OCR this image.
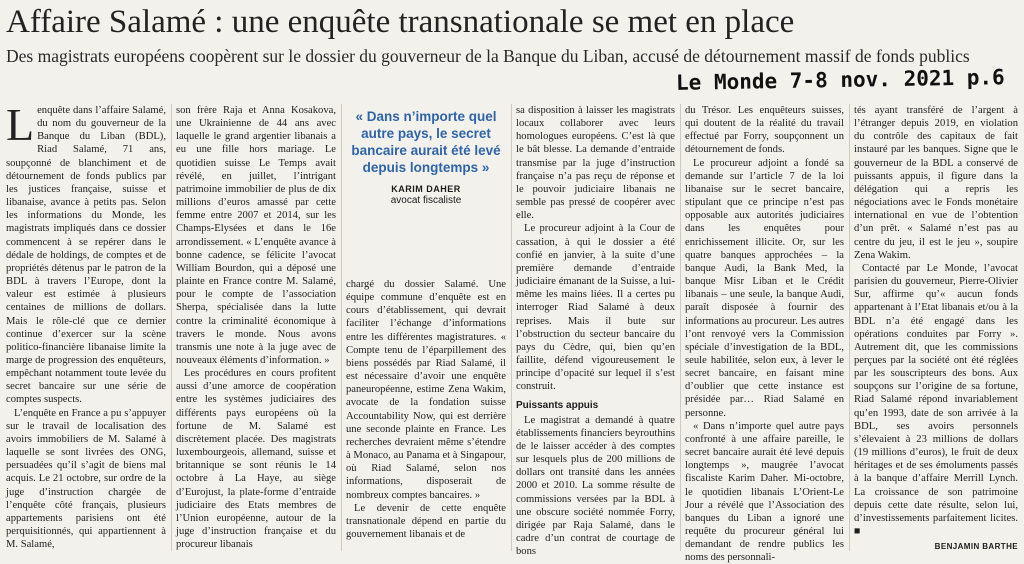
Affaire Salamé : une enquête transnationale se met en place
Des magistrats européens coopèrent sur le dossier du gouverneur de la Banque du Liban, accusé de détournement massif de fonds publics
Le Monde 7-8 nov. 2021 p.6

Lenquête dans l’affaire Salamé, du nom du gouverneur de la Banque du Liban (BDL), Riad Salamé, 71 ans, soupçonné de blanchiment et de détournement de fonds publics par les justices française, suisse et libanaise, avance à petits pas. Selon les informations du Monde, les magistrats impliqués dans ce dossier commencent à se repérer dans le dédale de holdings, de comptes et de propriétés détenus par le patron de la BDL à travers l’Europe, dont la valeur est estimée à plusieurs centaines de millions de dollars. Mais le rôle-clé que ce dernier continue d’exercer sur la scène politico-financière libanaise limite la marge de progression des enquêteurs, empêchant notamment toute levée du secret bancaire sur une série de comptes suspects.

L’enquête en France a pu s’appuyer sur le travail de localisation des avoirs immobiliers de M. Salamé à laquelle se sont livrées des ONG, persuadées qu’il s’agit de biens mal acquis. Le 21 octobre, sur ordre de la juge d’instruction chargée de l’enquête côté français, plusieurs appartements parisiens ont été perquisitionnés, qui appartiennent à M. Salamé,

son frère Raja et Anna Kosakova, une Ukrainienne de 44 ans avec laquelle le grand argentier libanais a eu une fille hors mariage. Le quotidien suisse Le Temps avait révélé, en juillet, l’intrigant patrimoine immobilier de plus de dix millions d’euros amassé par cette femme entre 2007 et 2014, sur les Champs-Elysées et dans le 16e arrondissement. « L’enquête avance à bonne cadence, se félicite l’avocat William Bourdon, qui a déposé une plainte en France contre M. Salamé, pour le compte de l’association Sherpa, spécialisée dans la lutte contre la criminalité économique à travers le monde. Nous avons transmis une note à la juge avec de nouveaux éléments d’information. »

Les procédures en cours profitent aussi d’une amorce de coopération entre les systèmes judiciaires des différents pays européens où la fortune de M. Salamé est discrètement placée. Des magistrats luxembourgeois, allemand, suisse et britannique se sont réunis le 14 octobre à La Haye, au siège d’Eurojust, la plate-forme d’entraide judiciaire des Etats membres de l’Union européenne, autour de la juge d’instruction française et du procureur libanais

« Dans n’importe quel autre pays, le secret bancaire aurait été levé depuis longtemps »
KARIM DAHER
avocat fiscaliste

chargé du dossier Salamé. Une équipe commune d’enquête est en cours d’établissement, qui devrait faciliter l’échange d’informations entre les différentes magistratures. « Compte tenu de l’éparpillement des biens possédés par Riad Salamé, il est nécessaire d’avoir une enquête paneuropéenne, estime Zena Wakim, avocate de la fondation suisse Accountability Now, qui est derrière une seconde plainte en France. Les recherches devraient même s’étendre à Monaco, au Panama et à Singapour, où Riad Salamé, selon nos informations, disposerait de nombreux comptes bancaires. »

Le devenir de cette enquête transnationale dépend en partie du gouvernement libanais et de

sa disposition à laisser les magistrats locaux collaborer avec leurs homologues européens. C’est là que le bât blesse. La demande d’entraide transmise par la juge d’instruction française n’a pas reçu de réponse et le pouvoir judiciaire libanais ne semble pas pressé de coopérer avec elle.

Le procureur adjoint à la Cour de cassation, à qui le dossier a été confié en janvier, à la suite d’une première demande d’entraide judiciaire émanant de la Suisse, a lui-même les mains liées. Il a certes pu interroger Riad Salamé à deux reprises. Mais il bute sur l’obstruction du secteur bancaire du pays du Cèdre, qui, bien qu’en faillite, défend vigoureusement le principe d’opacité sur lequel il s’est construit.

Puissants appuis

Le magistrat a demandé à quatre établissements financiers beyrouthins de le laisser accéder à des comptes sur lesquels plus de 200 millions de dollars ont transité dans les années 2000 et 2010. La somme résulte de commissions versées par la BDL à une obscure société nommée Forry, dirigée par Raja Salamé, dans le cadre d’un contrat de courtage de bons

du Trésor. Les enquêteurs suisses, qui doutent de la réalité du travail effectué par Forry, soupçonnent un détournement de fonds.

Le procureur adjoint a fondé sa demande sur l’article 7 de la loi libanaise sur le secret bancaire, stipulant que ce principe n’est pas opposable aux autorités judiciaires dans les enquêtes pour enrichissement illicite. Or, sur les quatre banques approchées – la banque Audi, la Bank Med, la banque Misr Liban et le Crédit libanais – une seule, la banque Audi, paraît disposée à fournir des informations au procureur. Les autres l’ont renvoyé vers la Commission spéciale d’investigation de la BDL, seule habilitée, selon eux, à lever le secret bancaire, en faisant mine d’oublier que cette instance est présidée par… Riad Salamé en personne.

« Dans n’importe quel autre pays confronté à une affaire pareille, le secret bancaire aurait été levé depuis longtemps », maugrée l’avocat fiscaliste Karim Daher. Mi-octobre, le quotidien libanais L’Orient-Le Jour a révélé que l’Association des banques du Liban a ignoré une requête du procureur général lui demandant de rendre publics les noms des personnali-

tés ayant transféré de l’argent à l’étranger depuis 2019, en violation du contrôle des capitaux de fait instauré par les banques. Signe que le gouverneur de la BDL a conservé de puissants appuis, il figure dans la délégation qui a repris les négociations avec le Fonds monétaire international en vue de l’obtention d’un prêt. « Salamé n’est pas au centre du jeu, il est le jeu », soupire Zena Wakim.

Contacté par Le Monde, l’avocat parisien du gouverneur, Pierre-Olivier Sur, affirme qu’« aucun fonds appartenant à l’Etat libanais et/ou à la BDL n’a été engagé dans les opérations conduites par Forry ». Autrement dit, que les commissions perçues par la société ont été réglées par les souscripteurs des bons. Aux soupçons sur l’origine de sa fortune, Riad Salamé répond invariablement qu’en 1993, date de son arrivée à la BDL, ses avoirs personnels s’élevaient à 23 millions de dollars (19 millions d’euros), le fruit de deux héritages et de ses émoluments passés à la banque d’affaire Merrill Lynch. La croissance de son patrimoine depuis cette date résulte, selon lui, d’investissements parfaitement licites. ■

BENJAMIN BARTHE
